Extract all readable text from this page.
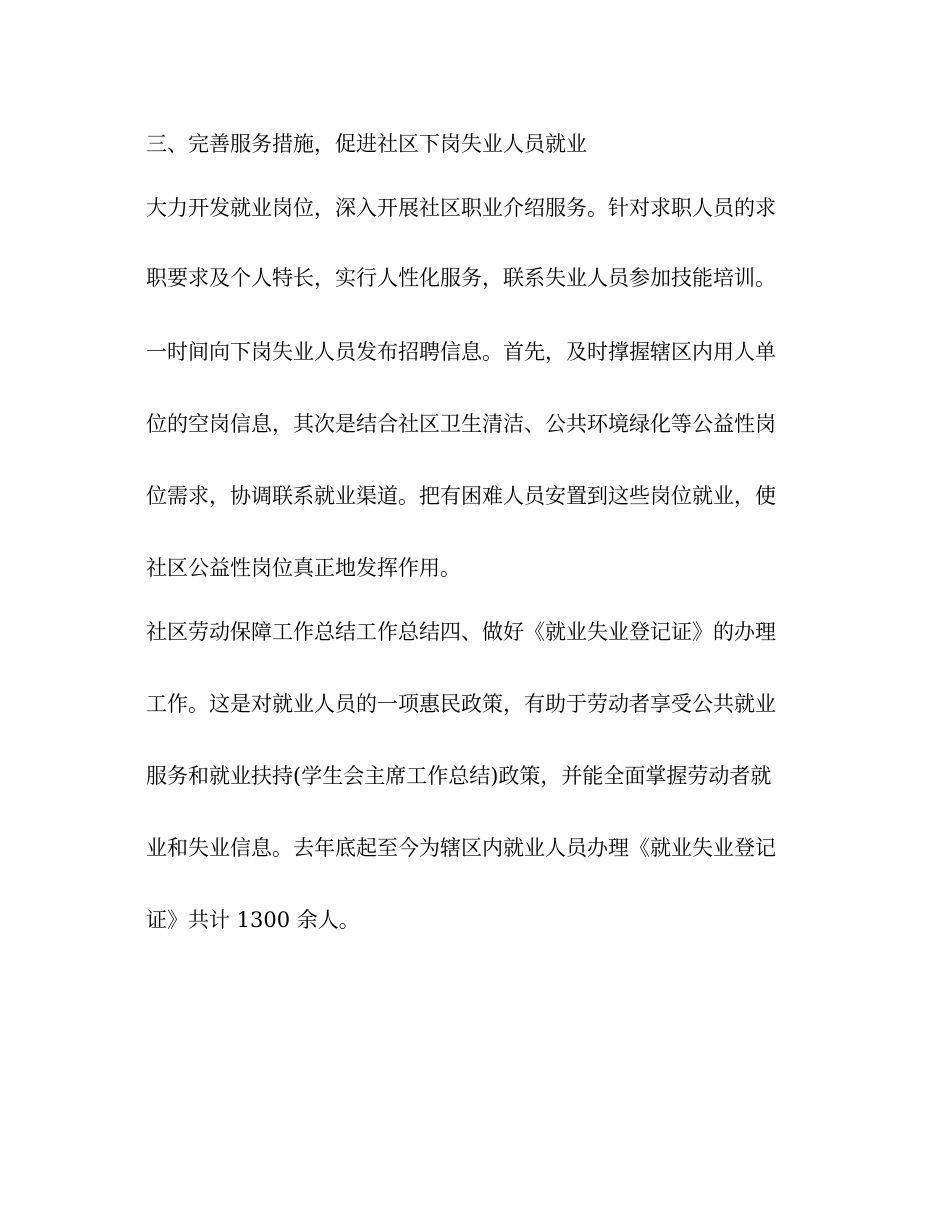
三、完善服务措施，促进社区下岗失业人员就业
大力开发就业岗位，深入开展社区职业介绍服务。针对求职人员的求
职要求及个人特长，实行人性化服务，联系失业人员参加技能培训。
一时间向下岗失业人员发布招聘信息。首先，及时撑握辖区内用人单
位的空岗信息，其次是结合社区卫生清洁、公共环境绿化等公益性岗
位需求，协调联系就业渠道。把有困难人员安置到这些岗位就业，使
社区公益性岗位真正地发挥作用。
社区劳动保障工作总结工作总结四、做好《就业失业登记证》的办理
工作。这是对就业人员的一项惠民政策，有助于劳动者享受公共就业
服务和就业扶持(学生会主席工作总结)政策，并能全面掌握劳动者就
业和失业信息。去年底起至今为辖区内就业人员办理《就业失业登记
证》共计 1300 余人。
